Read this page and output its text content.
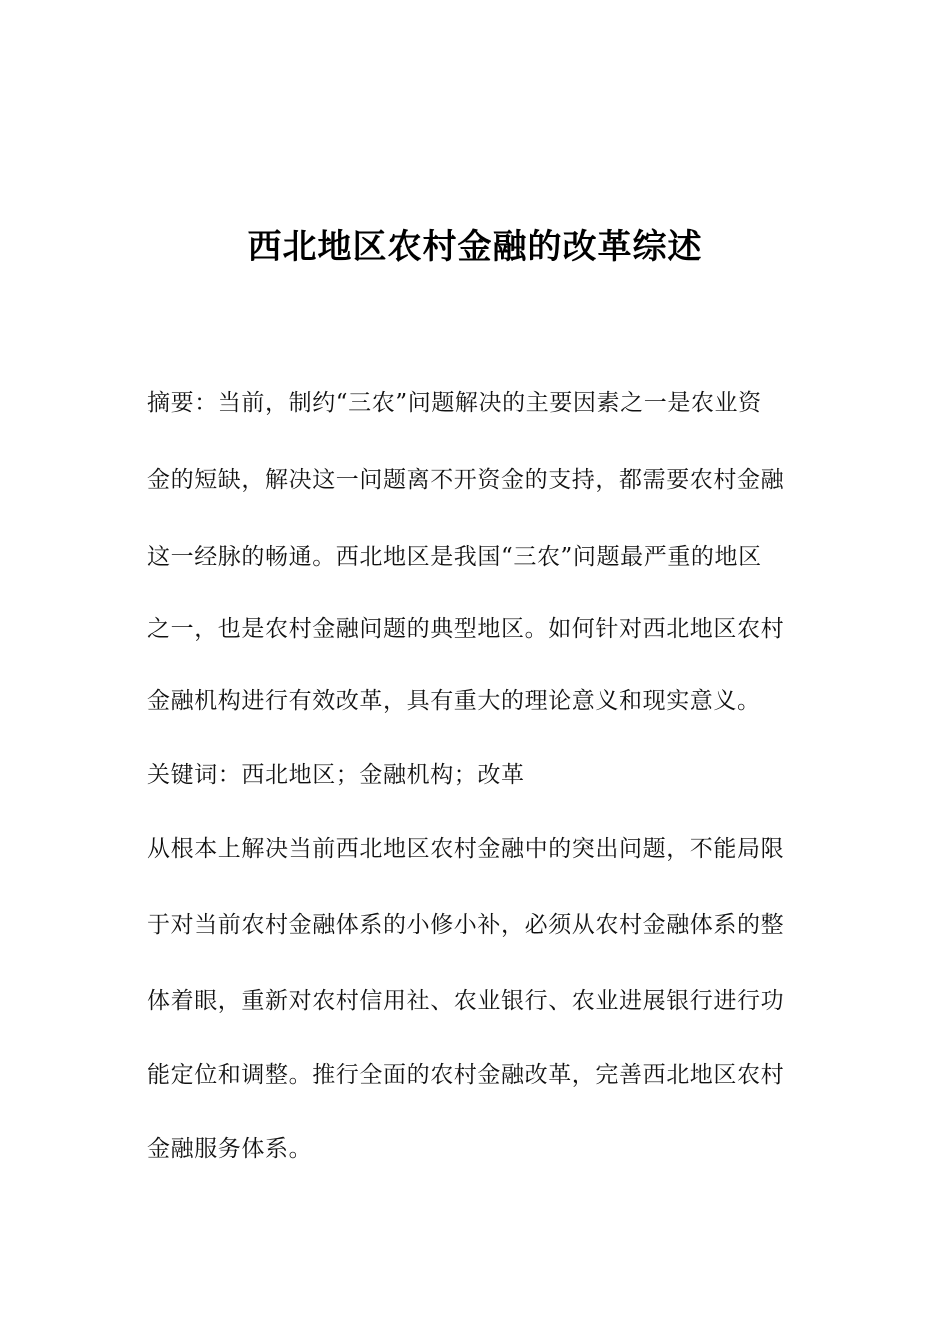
西北地区农村金融的改革综述

摘要：当前，制约“三农”问题解决的主要因素之一是农业资

金的短缺，解决这一问题离不开资金的支持，都需要农村金融

这一经脉的畅通。西北地区是我国“三农”问题最严重的地区

之一，也是农村金融问题的典型地区。如何针对西北地区农村

金融机构进行有效改革，具有重大的理论意义和现实意义。

关键词：西北地区；金融机构；改革

从根本上解决当前西北地区农村金融中的突出问题，不能局限

于对当前农村金融体系的小修小补，必须从农村金融体系的整

体着眼，重新对农村信用社、农业银行、农业进展银行进行功

能定位和调整。推行全面的农村金融改革，完善西北地区农村

金融服务体系。
